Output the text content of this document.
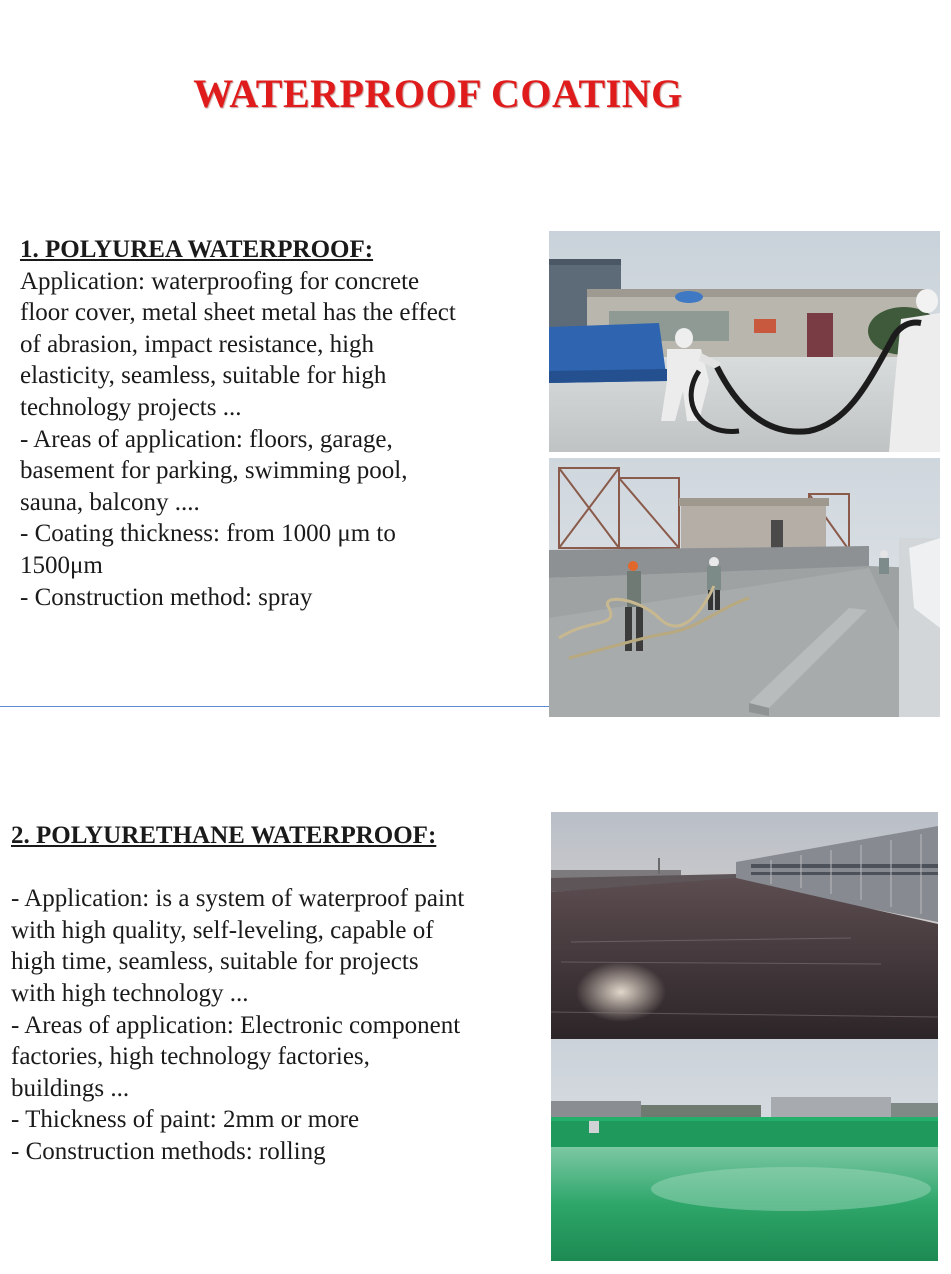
WATERPROOF COATING
1. POLYUREA WATERPROOF:
Application: waterproofing for concrete
floor cover, metal sheet metal has the effect
of abrasion, impact resistance, high
elasticity, seamless, suitable for high
technology projects ...
- Areas of application: floors, garage,
basement for parking, swimming pool,
sauna, balcony ....
- Coating thickness: from 1000 μm to
1500μm
- Construction method: spray
2. POLYURETHANE WATERPROOF:
- Application: is a system of waterproof paint
with high quality, self-leveling, capable of
high time, seamless, suitable for projects
with high technology ...
- Areas of application: Electronic component
factories, high technology factories,
buildings ...
- Thickness of paint: 2mm or more
- Construction methods: rolling
